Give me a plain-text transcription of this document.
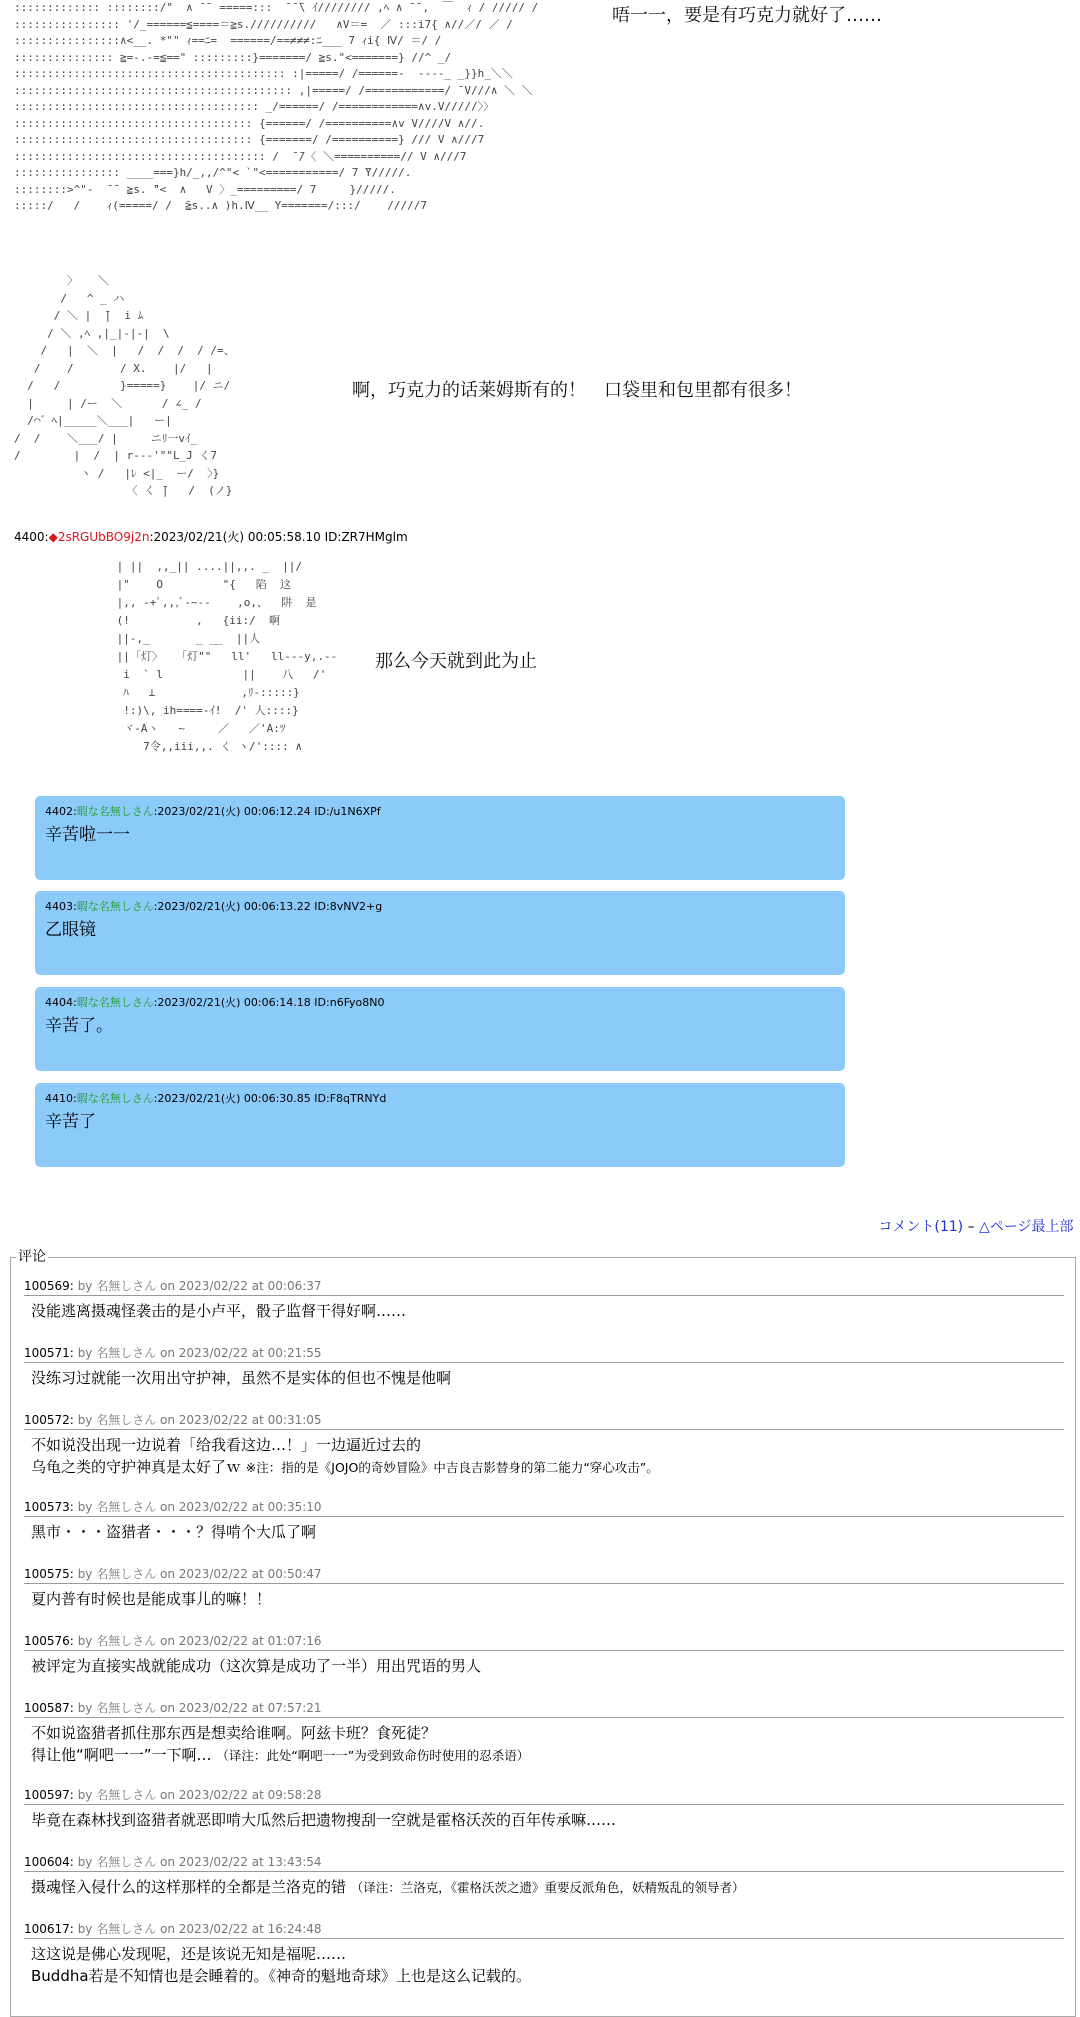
::::::::::::: ::::::::/"  ∧ ̄ ̄  =====:::  ̄ ̄ ̄\ ｲ//////// ,ﾍ ∧ ̄ ̄ ,  ￣  ｨ / ///// /
:::::::::::::::: '/_======≦====＝≧s.//////////   ∧V＝=  ／ :::i7{ ∧//／/ ／ /
::::::::::::::::∧<__. *"" ｨ==ﾆ=  ======/==≠≠≠:ﾆ___ 7 ｨi{ Ⅳ/ ＝/ /
::::::::::::::: ≧=-.-=≦==" :::::::::}=======/ ≧s."<=======} //^ _/
::::::::::::::::::::::::::::::::::::::::: :|=====/ /======-  ----_ _}}h_＼＼
:::::::::::::::::::::::::::::::::::::::::: ,|=====/ /============/ ̄ V///∧ ＼ ＼
::::::::::::::::::::::::::::::::::::: _/======/ /============∧v.V/////〉〉
:::::::::::::::::::::::::::::::::::: {======/ /==========∧v V////V ∧//.
:::::::::::::::::::::::::::::::::::: {=======/ /==========} /// V ∧///7
:::::::::::::::::::::::::::::::::::::: /  ̄ ̄/〈 ＼==========// V ∧///7
:::::::::::::::: ____===}h/_,,/^"< `"<===========/ 7 ̄Y/////.
::::::::>^"‐  ̄ ̄  ≧s. ̄"<  ∧   V 〉_=========/ 7     }/////.
:::::/   /    ｨ(=====/ /  ̄≧s..∧ )h.Ⅳ__ Y=======/:::/    /////7
唔一一，要是有巧克力就好了……
〉   ＼
/   ^ _ ハ
/ ＼ |  ̄|  i ﾑ
/ ＼ ,ﾍ ,|_|-|-|  \
/   |  ＼  |   /  /  /  / /=、
/    /       / X.    |/   |
/   /         }=====}    |/ ニ/
|     | /ー  ＼      / ∠_ /
/⌒゛ﾍ|_____＼___|   ー|
/  /    ＼___/ |     ニﾘ一vｲ_
/        |  /  | r---'""L_J く7
ヽ /   |ﾚ <|_  ー/  〉}
〈 く ̄|   /  (ノ}
啊，巧克力的话莱姆斯有的！　口袋里和包里都有很多！
4400:◆2sRGUbBO9j2n:2023/02/21(火) 00:05:58.10 ID:ZR7HMglm
| ||  ,,_|| ....||,,. _  ||/
|"    O         "{   陷  这
|,, -+ﾟ,,,ﾞ-~--    ,o,、  阱  是
(!          ,   {ii:/  啊
||-,_       _ __  ||人
||「灯〉  「灯""   ll'   ll---y,.--
i  ` l            ||    八   /'
ﾊ   ⊥             ,ﾘ-:::::}
!:)\, ih====-ｲ!  /' 人::::}
ヾ-Aヽ   ~     ／   ／'A:ﾂ
7令,,iii,,. く ヽ/':::: ∧
那么今天就到此为止
4402:暇な名無しさん:2023/02/21(火) 00:06:12.24 ID:/u1N6XPf
辛苦啦一一
4403:暇な名無しさん:2023/02/21(火) 00:06:13.22 ID:8vNV2+g
乙眼镜
4404:暇な名無しさん:2023/02/21(火) 00:06:14.18 ID:n6Fyo8N0
辛苦了。
4410:暇な名無しさん:2023/02/21(火) 00:06:30.85 ID:F8qTRNYd
辛苦了
コメント(11) – △ページ最上部
评论
100569: by 名無しさん on 2023/02/22 at 00:06:37
没能逃离摄魂怪袭击的是小卢平，骰子监督干得好啊……
100571: by 名無しさん on 2023/02/22 at 00:21:55
没练习过就能一次用出守护神，虽然不是实体的但也不愧是他啊
100572: by 名無しさん on 2023/02/22 at 00:31:05
不如说没出现一边说着「给我看这边…！」一边逼近过去的
乌龟之类的守护神真是太好了ｗ ※注：指的是《JOJO的奇妙冒险》中吉良吉影替身的第二能力“穿心攻击”。
100573: by 名無しさん on 2023/02/22 at 00:35:10
黑市・・・盗猎者・・・？得啃个大瓜了啊
100575: by 名無しさん on 2023/02/22 at 00:50:47
夏内普有时候也是能成事儿的嘛！！
100576: by 名無しさん on 2023/02/22 at 01:07:16
被评定为直接实战就能成功（这次算是成功了一半）用出咒语的男人
100587: by 名無しさん on 2023/02/22 at 07:57:21
不如说盗猎者抓住那东西是想卖给谁啊。阿兹卡班？食死徒？
得让他“啊吧一一”一下啊… （译注：此处“啊吧一一”为受到致命伤时使用的忍杀语）
100597: by 名無しさん on 2023/02/22 at 09:58:28
毕竟在森林找到盗猎者就恶即啃大瓜然后把遗物搜刮一空就是霍格沃茨的百年传承嘛……
100604: by 名無しさん on 2023/02/22 at 13:43:54
摄魂怪入侵什么的这样那样的全都是兰洛克的错 （译注：兰洛克，《霍格沃茨之遗》重要反派角色，妖精叛乱的领导者）
100617: by 名無しさん on 2023/02/22 at 16:24:48
这这说是佛心发现呢，还是该说无知是福呢……
Buddha若是不知情也是会睡着的。《神奇的魁地奇球》上也是这么记载的。
